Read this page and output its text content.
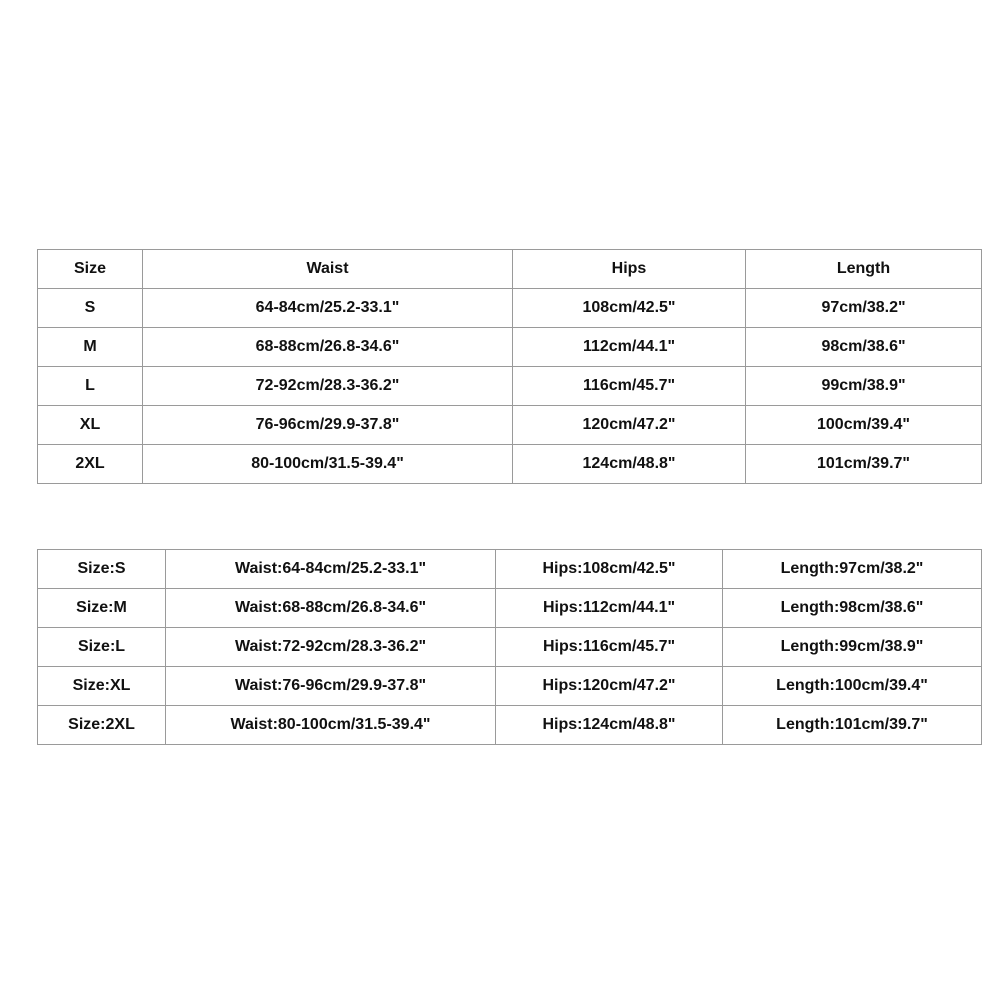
Size	Waist	Hips	Length
S	64-84cm/25.2-33.1"	108cm/42.5"	97cm/38.2"
M	68-88cm/26.8-34.6"	112cm/44.1"	98cm/38.6"
L	72-92cm/28.3-36.2"	116cm/45.7"	99cm/38.9"
XL	76-96cm/29.9-37.8"	120cm/47.2"	100cm/39.4"
2XL	80-100cm/31.5-39.4"	124cm/48.8"	101cm/39.7"
Size:S	Waist:64-84cm/25.2-33.1"	Hips:108cm/42.5"	Length:97cm/38.2"
Size:M	Waist:68-88cm/26.8-34.6"	Hips:112cm/44.1"	Length:98cm/38.6"
Size:L	Waist:72-92cm/28.3-36.2"	Hips:116cm/45.7"	Length:99cm/38.9"
Size:XL	Waist:76-96cm/29.9-37.8"	Hips:120cm/47.2"	Length:100cm/39.4"
Size:2XL	Waist:80-100cm/31.5-39.4"	Hips:124cm/48.8"	Length:101cm/39.7"
